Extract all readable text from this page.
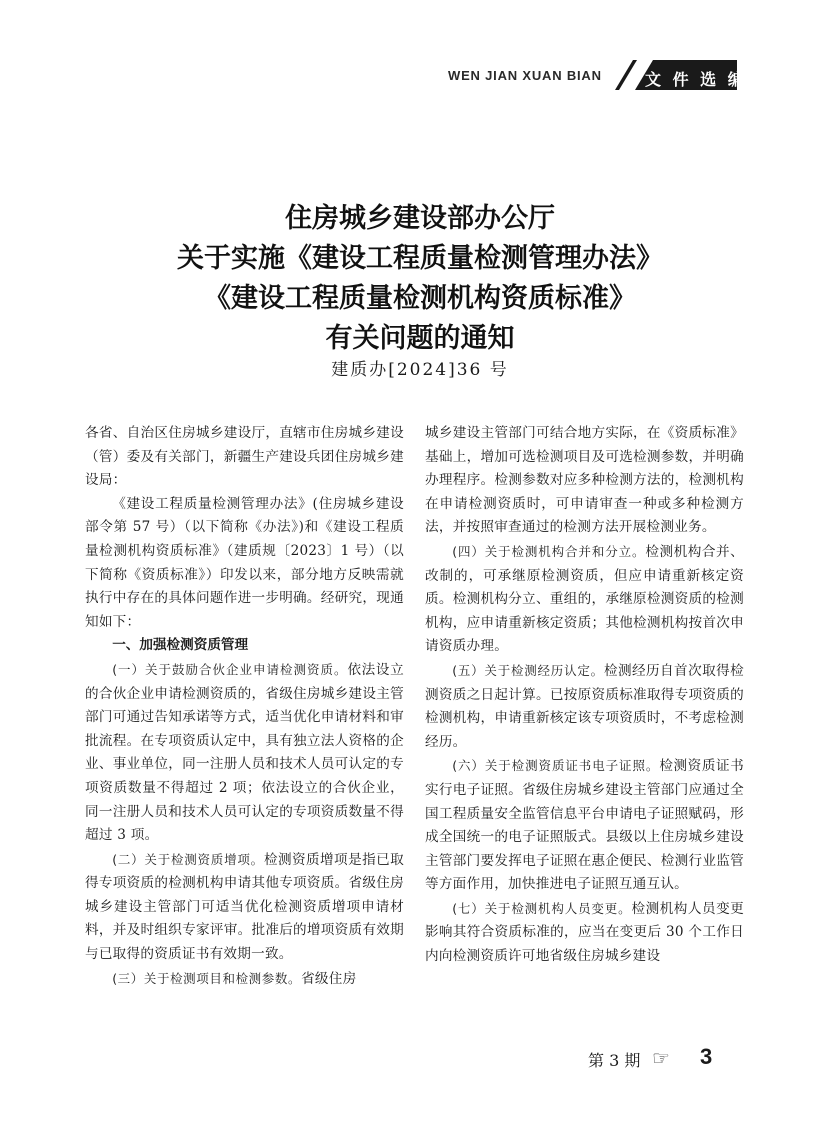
WEN JIAN XUAN BIAN	文 件 选 编
住房城乡建设部办公厅
关于实施《建设工程质量检测管理办法》
《建设工程质量检测机构资质标准》
有关问题的通知
建质办[2024]36 号

各省、自治区住房城乡建设厅，直辖市住房城乡建设（管）委及有关部门，新疆生产建设兵团住房城乡建设局：

《建设工程质量检测管理办法》(住房城乡建设部令第 57 号）（以下简称《办法》)和《建设工程质量检测机构资质标准》（建质规〔2023〕1 号）（以下简称《资质标准》）印发以来，部分地方反映需就执行中存在的具体问题作进一步明确。经研究，现通知如下：

一、加强检测资质管理

(一）关于鼓励合伙企业申请检测资质。依法设立的合伙企业申请检测资质的，省级住房城乡建设主管部门可通过告知承诺等方式，适当优化申请材料和审批流程。在专项资质认定中，具有独立法人资格的企业、事业单位，同一注册人员和技术人员可认定的专项资质数量不得超过 2 项；依法设立的合伙企业，同一注册人员和技术人员可认定的专项资质数量不得超过 3 项。

(二）关于检测资质增项。检测资质增项是指已取得专项资质的检测机构申请其他专项资质。省级住房城乡建设主管部门可适当优化检测资质增项申请材料，并及时组织专家评审。批准后的增项资质有效期与已取得的资质证书有效期一致。

(三）关于检测项目和检测参数。省级住房

城乡建设主管部门可结合地方实际，在《资质标准》基础上，增加可选检测项目及可选检测参数，并明确办理程序。检测参数对应多种检测方法的，检测机构在申请检测资质时，可申请审查一种或多种检测方法，并按照审查通过的检测方法开展检测业务。

(四）关于检测机构合并和分立。检测机构合并、改制的，可承继原检测资质，但应申请重新核定资质。检测机构分立、重组的，承继原检测资质的检测机构，应申请重新核定资质；其他检测机构按首次申请资质办理。

(五）关于检测经历认定。检测经历自首次取得检测资质之日起计算。已按原资质标准取得专项资质的检测机构，申请重新核定该专项资质时，不考虑检测经历。

(六）关于检测资质证书电子证照。检测资质证书实行电子证照。省级住房城乡建设主管部门应通过全国工程质量安全监管信息平台申请电子证照赋码，形成全国统一的电子证照版式。县级以上住房城乡建设主管部门要发挥电子证照在惠企便民、检测行业监管等方面作用，加快推进电子证照互通互认。

(七）关于检测机构人员变更。检测机构人员变更影响其符合资质标准的，应当在变更后 30 个工作日内向检测资质许可地省级住房城乡建设

第 3 期 ☞ 3
